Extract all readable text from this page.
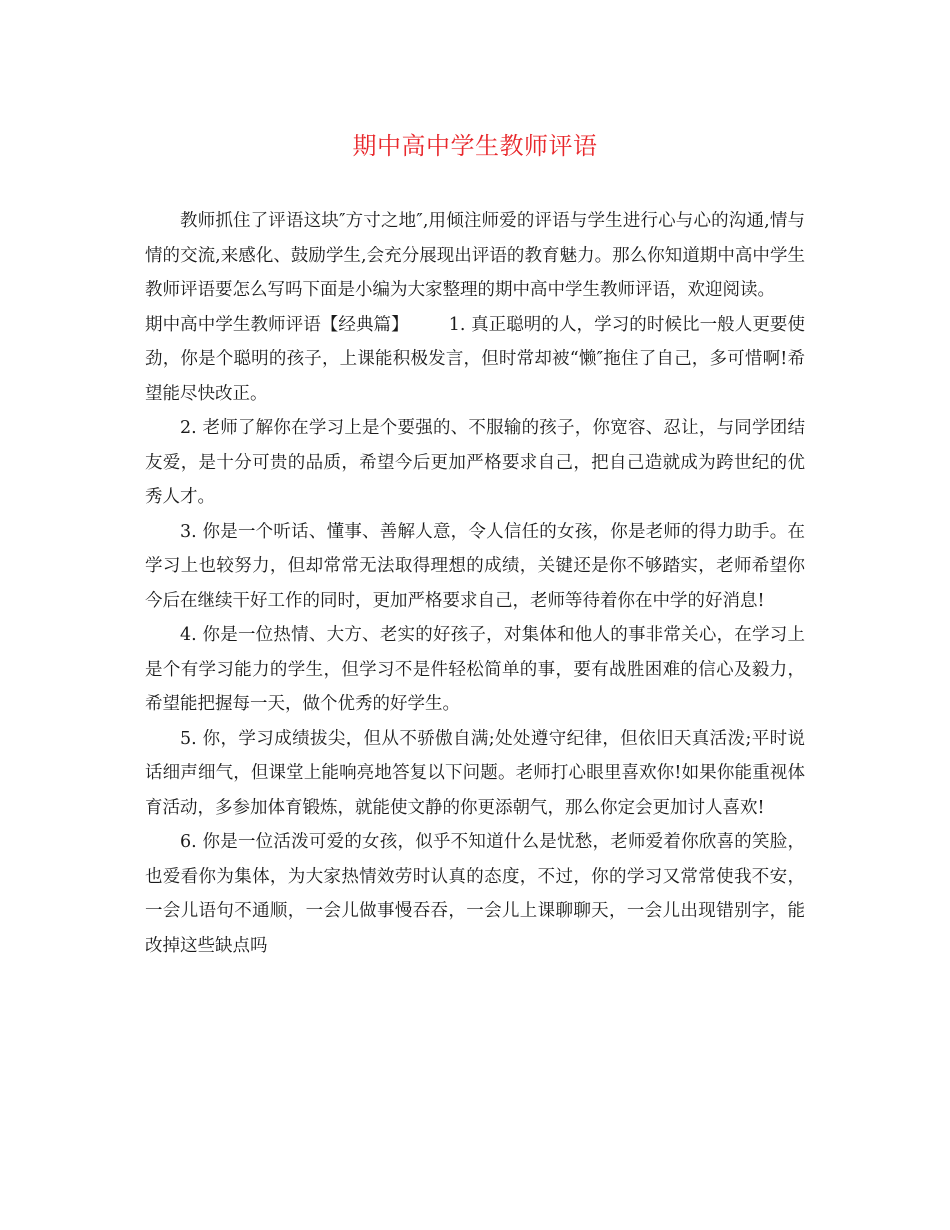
期中高中学生教师评语

教师抓住了评语这块″方寸之地″,用倾注师爱的评语与学生进行心与心的沟通,情与情的交流,来感化、鼓励学生,会充分展现出评语的教育魅力。那么你知道期中高中学生教师评语要怎么写吗下面是小编为大家整理的期中高中学生教师评语，欢迎阅读。

期中高中学生教师评语【经典篇】 1. 真正聪明的人，学习的时候比一般人更要使劲，你是个聪明的孩子，上课能积极发言，但时常却被“懒″拖住了自己，多可惜啊!希望能尽快改正。

2. 老师了解你在学习上是个要强的、不服输的孩子，你宽容、忍让，与同学团结友爱，是十分可贵的品质，希望今后更加严格要求自己，把自己造就成为跨世纪的优秀人才。

3. 你是一个听话、懂事、善解人意，令人信任的女孩，你是老师的得力助手。在学习上也较努力，但却常常无法取得理想的成绩，关键还是你不够踏实，老师希望你今后在继续干好工作的同时，更加严格要求自己，老师等待着你在中学的好消息!

4. 你是一位热情、大方、老实的好孩子，对集体和他人的事非常关心，在学习上是个有学习能力的学生，但学习不是件轻松简单的事，要有战胜困难的信心及毅力，希望能把握每一天，做个优秀的好学生。

5. 你，学习成绩拔尖，但从不骄傲自满;处处遵守纪律，但依旧天真活泼;平时说话细声细气，但课堂上能响亮地答复以下问题。老师打心眼里喜欢你!如果你能重视体育活动，多参加体育锻炼，就能使文静的你更添朝气，那么你定会更加讨人喜欢!

6. 你是一位活泼可爱的女孩，似乎不知道什么是忧愁，老师爱着你欣喜的笑脸，也爱看你为集体，为大家热情效劳时认真的态度，不过，你的学习又常常使我不安，一会儿语句不通顺，一会儿做事慢吞吞，一会儿上课聊聊天，一会儿出现错别字，能改掉这些缺点吗
